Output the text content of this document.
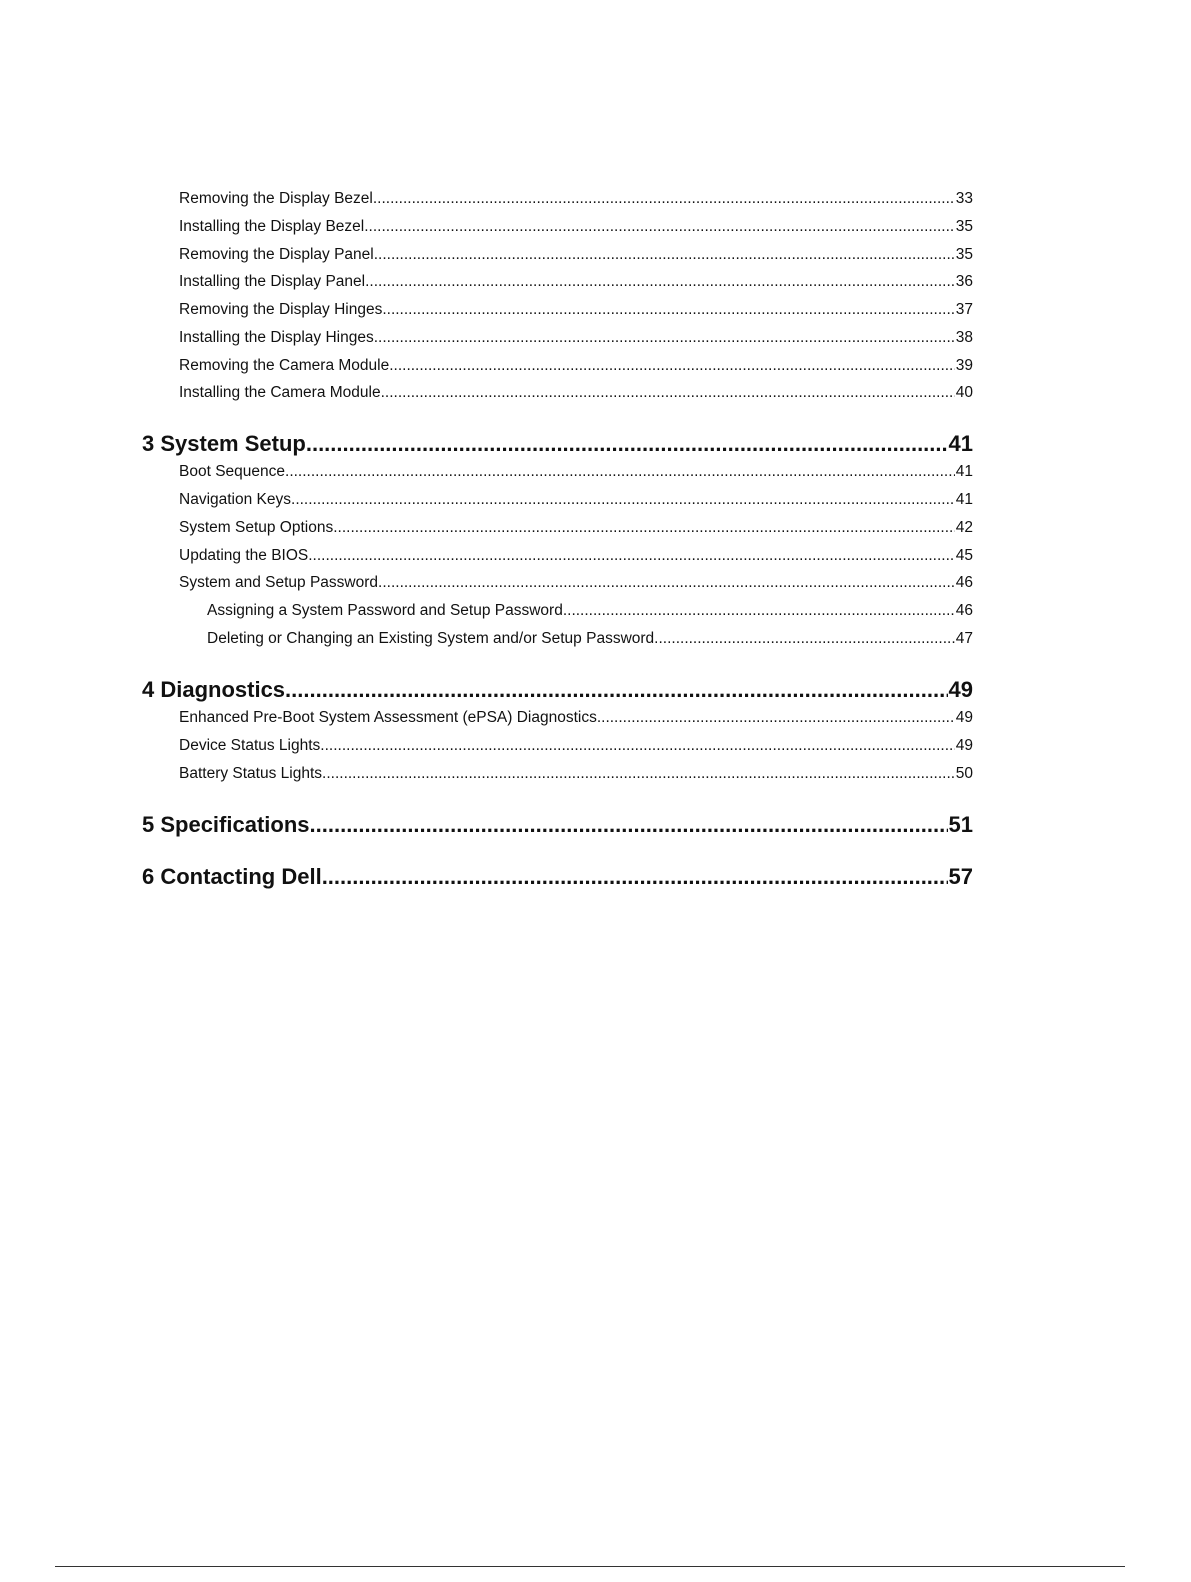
Removing the Display Bezel .....	33
Installing the Display Bezel .....	35
Removing the Display Panel .....	35
Installing the Display Panel .....	36
Removing the Display Hinges .....	37
Installing the Display Hinges .....	38
Removing the Camera Module .....	39
Installing the Camera Module .....	40
3 System Setup .....	41
Boot Sequence .....	41
Navigation Keys .....	41
System Setup Options .....	42
Updating the BIOS .....	45
System and Setup Password .....	46
Assigning a System Password and Setup Password .....	46
Deleting or Changing an Existing System and/or Setup Password .....	47
4 Diagnostics .....	49
Enhanced Pre-Boot System Assessment (ePSA) Diagnostics .....	49
Device Status Lights .....	49
Battery Status Lights .....	50
5 Specifications .....	51
6 Contacting Dell .....	57
